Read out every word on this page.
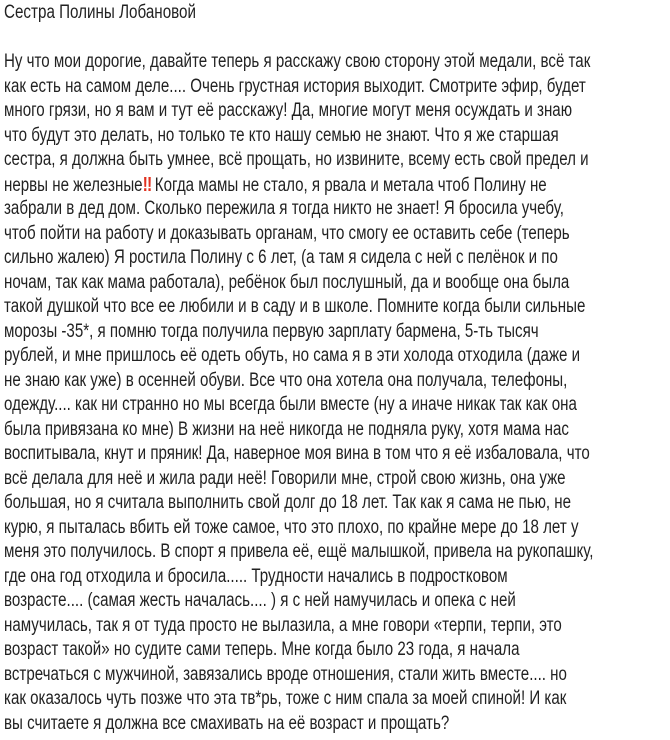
Сестра Полины Лобановой
Ну что мои дорогие, давайте теперь я расскажу свою сторону этой медали, всё так
как есть на самом деле.... Очень грустная история выходит. Смотрите эфир, будет
много грязи, но я вам и тут её расскажу! Да, многие могут меня осуждать и знаю
что будут это делать, но только те кто нашу семью не знают. Что я же старшая
сестра, я должна быть умнее, всё прощать, но извините, всему есть свой предел и
нервы не железные‼ Когда мамы не стало, я рвала и метала чтоб Полину не
забрали в дед дом. Сколько пережила я тогда никто не знает! Я бросила учебу,
чтоб пойти на работу и доказывать органам, что смогу ее оставить себе (теперь
сильно жалею) Я ростила Полину с 6 лет, (а там я сидела с ней с пелёнок и по
ночам, так как мама работала), ребёнок был послушный, да и вообще она была
такой душкой что все ее любили и в саду и в школе. Помните когда были сильные
морозы -35*, я помню тогда получила первую зарплату бармена, 5-ть тысяч
рублей, и мне пришлось её одеть обуть, но сама я в эти холода отходила (даже и
не знаю как уже) в осенней обуви. Все что она хотела она получала, телефоны,
одежду.... как ни странно но мы всегда были вместе (ну а иначе никак так как она
была привязана ко мне) В жизни на неё никогда не подняла руку, хотя мама нас
воспитывала, кнут и пряник! Да, наверное моя вина в том что я её избаловала, что
всё делала для неё и жила ради неё! Говорили мне, строй свою жизнь, она уже
большая, но я считала выполнить свой долг до 18 лет. Так как я сама не пью, не
курю, я пыталась вбить ей тоже самое, что это плохо, по крайне мере до 18 лет у
меня это получилось. В спорт я привела её, ещё малышкой, привела на рукопашку,
где она год отходила и бросила..... Трудности начались в подростковом
возрасте.... (самая жесть началась.... ) я с ней намучилась и опека с ней
намучилась, так я от туда просто не вылазила, а мне говори «терпи, терпи, это
возраст такой» но судите сами теперь. Мне когда было 23 года, я начала
встречаться с мужчиной, завязались вроде отношения, стали жить вместе.... но
как оказалось чуть позже что эта тв*рь, тоже с ним спала за моей спиной! И как
вы считаете я должна все смахивать на её возраст и прощать?
